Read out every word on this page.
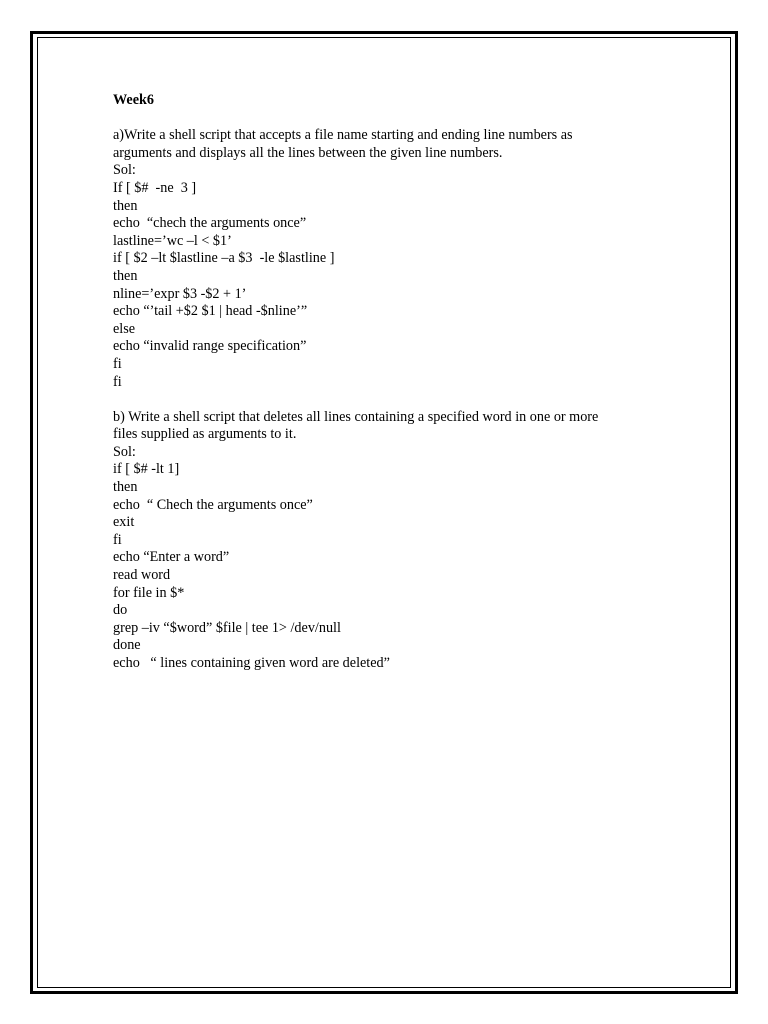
Week6
a)Write a shell script that accepts a file name starting and ending line numbers as
arguments and displays all the lines between the given line numbers.
Sol:
If [ $#  -ne  3 ]
then
echo  “chech the arguments once”
lastline=’wc –l < $1’
if [ $2 –lt $lastline –a $3  -le $lastline ]
then
nline=’expr $3 -$2 + 1’
echo “’tail +$2 $1 | head -$nline’”
else
echo “invalid range specification”
fi
fi
b) Write a shell script that deletes all lines containing a specified word in one or more
files supplied as arguments to it.
Sol:
if [ $# -lt 1]
then
echo  “ Chech the arguments once”
exit
fi
echo “Enter a word”
read word
for file in $*
do
grep –iv “$word” $file | tee 1> /dev/null
done
echo   “ lines containing given word are deleted”
